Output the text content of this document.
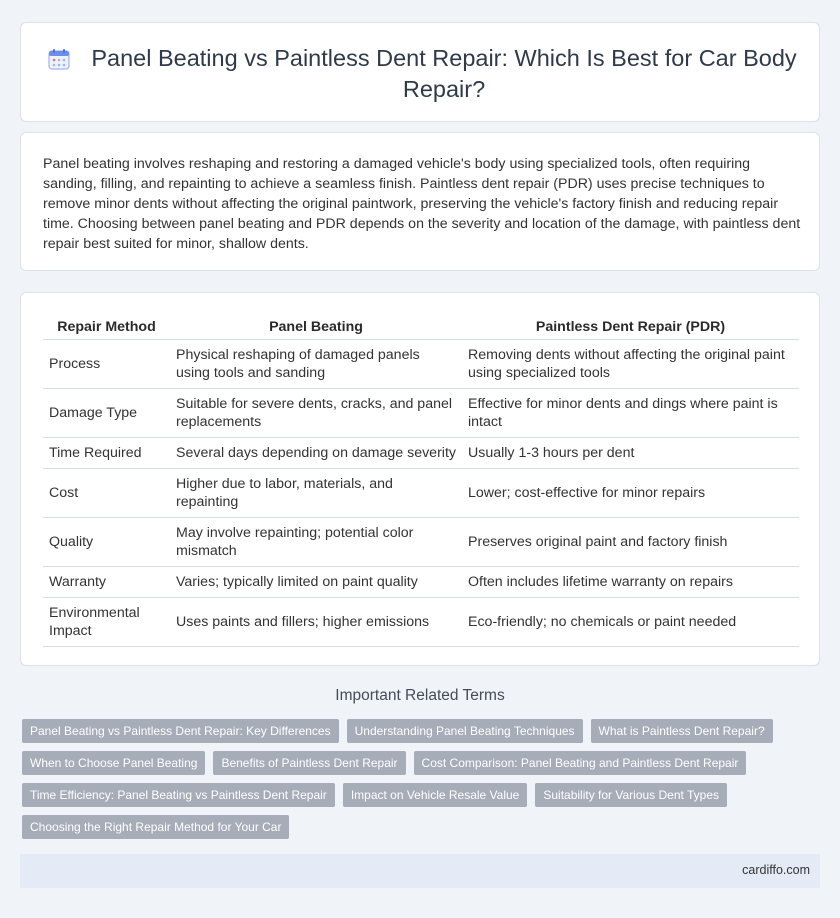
Panel Beating vs Paintless Dent Repair: Which Is Best for Car Body Repair?

Panel beating involves reshaping and restoring a damaged vehicle's body using specialized tools, often requiring sanding, filling, and repainting to achieve a seamless finish. Paintless dent repair (PDR) uses precise techniques to remove minor dents without affecting the original paintwork, preserving the vehicle's factory finish and reducing repair time. Choosing between panel beating and PDR depends on the severity and location of the damage, with paintless dent repair best suited for minor, shallow dents.

Repair Method	Panel Beating	Paintless Dent Repair (PDR)
Process	Physical reshaping of damaged panels using tools and sanding	Removing dents without affecting the original paint using specialized tools
Damage Type	Suitable for severe dents, cracks, and panel replacements	Effective for minor dents and dings where paint is intact
Time Required	Several days depending on damage severity	Usually 1-3 hours per dent
Cost	Higher due to labor, materials, and repainting	Lower; cost-effective for minor repairs
Quality	May involve repainting; potential color mismatch	Preserves original paint and factory finish
Warranty	Varies; typically limited on paint quality	Often includes lifetime warranty on repairs
Environmental Impact	Uses paints and fillers; higher emissions	Eco-friendly; no chemicals or paint needed
Important Related Terms
Panel Beating vs Paintless Dent Repair: Key Differences	Understanding Panel Beating Techniques	What is Paintless Dent Repair?
When to Choose Panel Beating	Benefits of Paintless Dent Repair	Cost Comparison: Panel Beating and Paintless Dent Repair
Time Efficiency: Panel Beating vs Paintless Dent Repair	Impact on Vehicle Resale Value	Suitability for Various Dent Types
Choosing the Right Repair Method for Your Car
cardiffo.com
